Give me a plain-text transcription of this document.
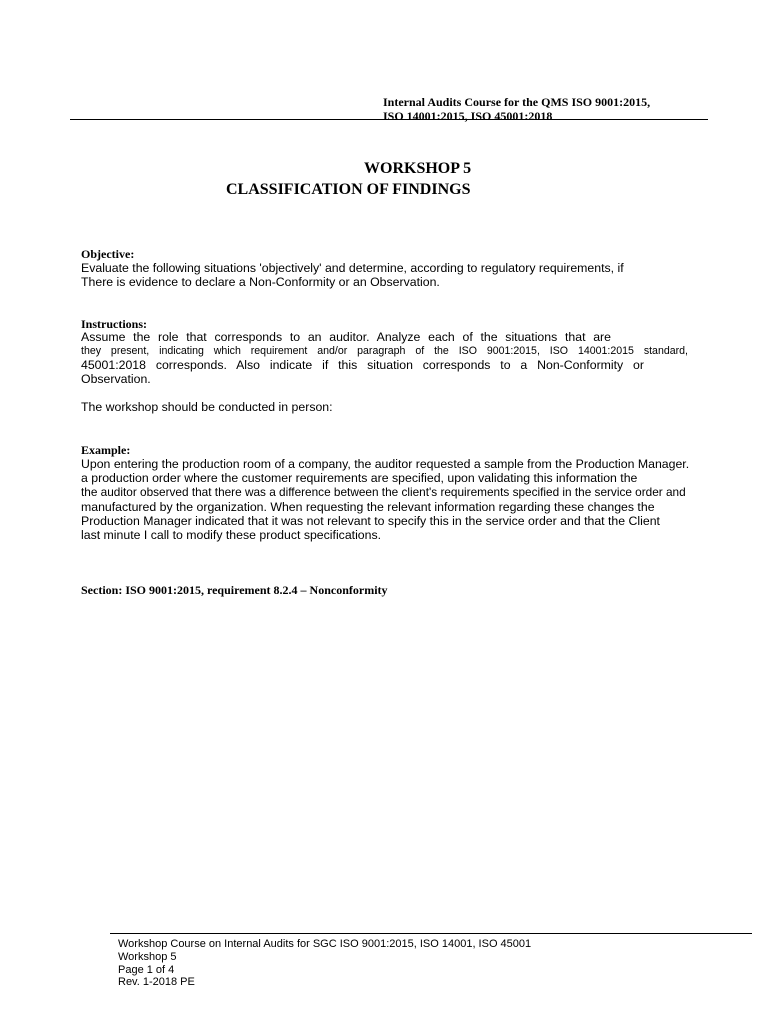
Internal Audits Course for the QMS ISO 9001:2015,
ISO 14001:2015, ISO 45001:2018
WORKSHOP 5
CLASSIFICATION OF FINDINGS
Objective:
Evaluate the following situations 'objectively' and determine, according to regulatory requirements, if
There is evidence to declare a Non-Conformity or an Observation.
Instructions:
Assume the role that corresponds to an auditor. Analyze each of the situations that are
they present, indicating which requirement and/or paragraph of the ISO 9001:2015, ISO 14001:2015 standard,
45001:2018 corresponds. Also indicate if this situation corresponds to a Non-Conformity or
Observation.
The workshop should be conducted in person:
Example:
Upon entering the production room of a company, the auditor requested a sample from the Production Manager.
a production order where the customer requirements are specified, upon validating this information the
the auditor observed that there was a difference between the client's requirements specified in the service order and
manufactured by the organization. When requesting the relevant information regarding these changes the
Production Manager indicated that it was not relevant to specify this in the service order and that the Client
last minute I call to modify these product specifications.
Section: ISO 9001:2015, requirement 8.2.4 – Nonconformity
Workshop Course on Internal Audits for SGC ISO 9001:2015, ISO 14001, ISO 45001
Workshop 5
Page 1 of 4
Rev. 1-2018 PE
